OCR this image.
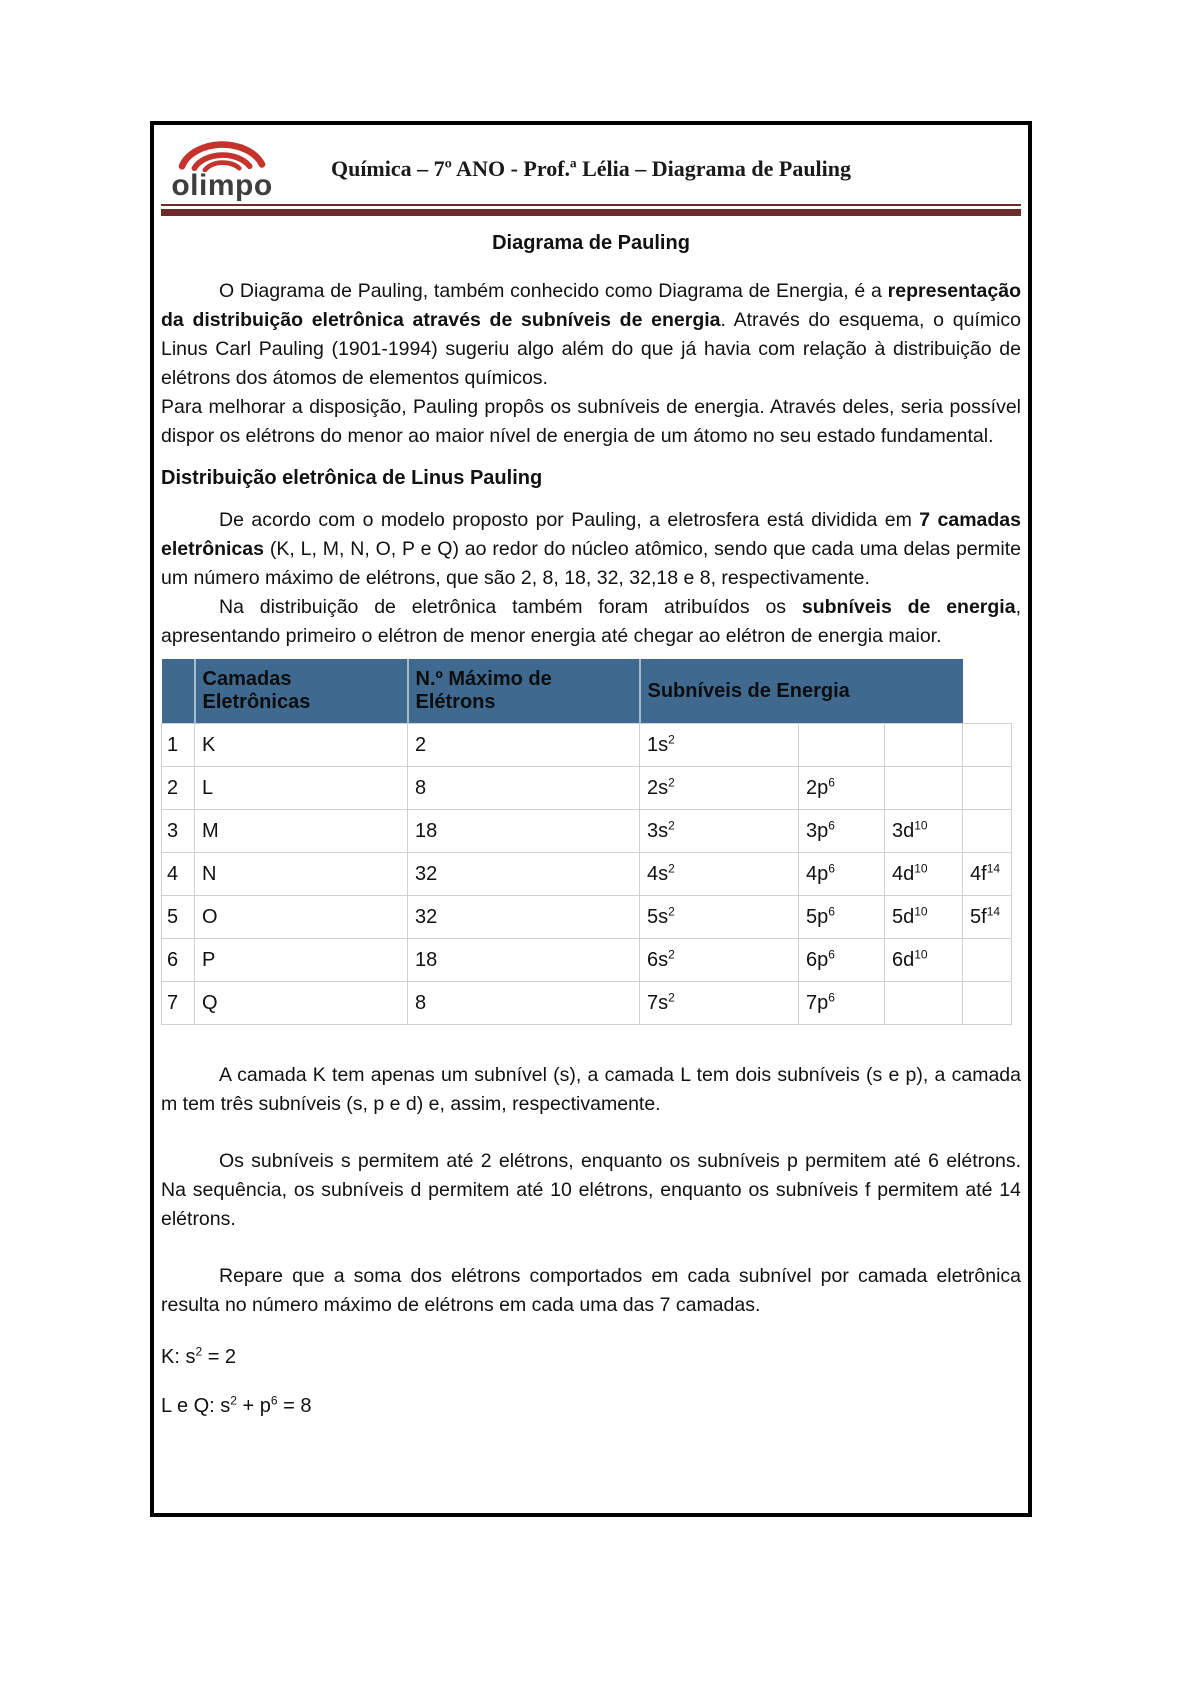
olimpo
Química – 7º ANO - Prof.ª Lélia – Diagrama de Pauling
Diagrama de Pauling

O Diagrama de Pauling, também conhecido como Diagrama de Energia, é a representação da distribuição eletrônica através de subníveis de energia. Através do esquema, o químico Linus Carl Pauling (1901-1994) sugeriu algo além do que já havia com relação à distribuição de elétrons dos átomos de elementos químicos.

Para melhorar a disposição, Pauling propôs os subníveis de energia. Através deles, seria possível dispor os elétrons do menor ao maior nível de energia de um átomo no seu estado fundamental.

Distribuição eletrônica de Linus Pauling

De acordo com o modelo proposto por Pauling, a eletrosfera está dividida em 7 camadas eletrônicas (K, L, M, N, O, P e Q) ao redor do núcleo atômico, sendo que cada uma delas permite um número máximo de elétrons, que são 2, 8, 18, 32, 32,18 e 8, respectivamente.

Na distribuição de eletrônica também foram atribuídos os subníveis de energia, apresentando primeiro o elétron de menor energia até chegar ao elétron de energia maior.

	Camadas Eletrônicas	N.º Máximo de Elétrons	Subníveis de Energia			
1	K	2	$1s^2$			
2	L	8	$2s^2$	$2p^6$		
3	M	18	$3s^2$	$3p^6$	$3d^{10}$	
4	N	32	$4s^2$	$4p^6$	$4d^{10}$	$4f^{14}$
5	O	32	$5s^2$	$5p^6$	$5d^{10}$	$5f^{14}$
6	P	18	$6s^2$	$6p^6$	$6d^{10}$	
7	Q	8	$7s^2$	$7p^6$		

A camada K tem apenas um subnível (s), a camada L tem dois subníveis (s e p), a camada m tem três subníveis (s, p e d) e, assim, respectivamente.

Os subníveis s permitem até 2 elétrons, enquanto os subníveis p permitem até 6 elétrons. Na sequência, os subníveis d permitem até 10 elétrons, enquanto os subníveis f permitem até 14 elétrons.

Repare que a soma dos elétrons comportados em cada subnível por camada eletrônica resulta no número máximo de elétrons em cada uma das 7 camadas.

K: $s^2 = 2$
L e Q: $s^2 + p^6 = 8$
